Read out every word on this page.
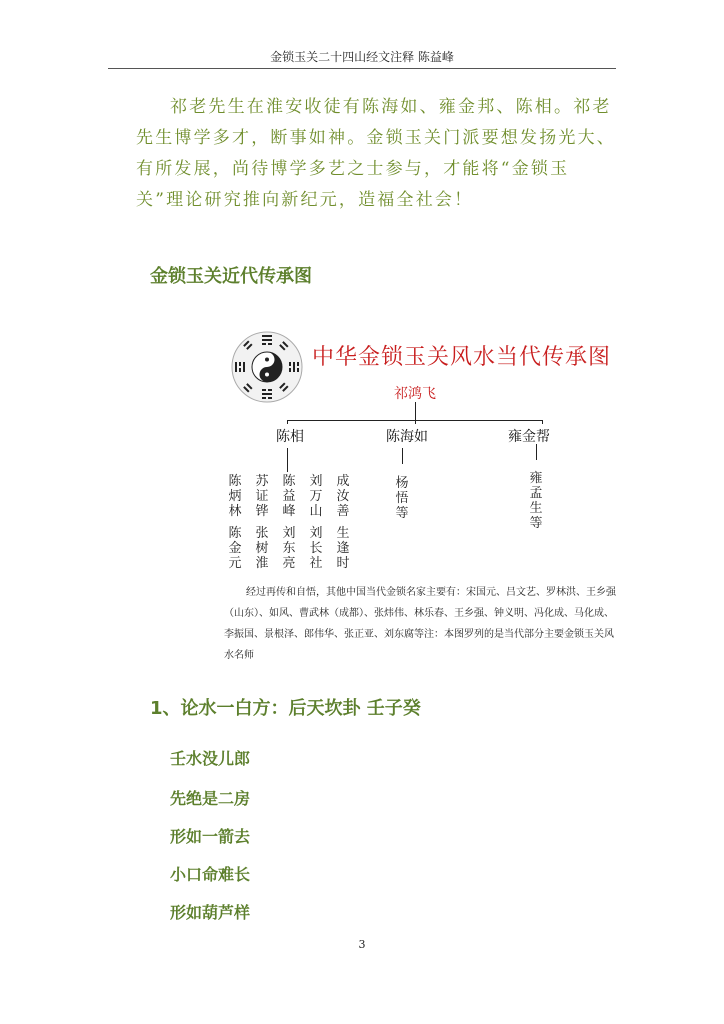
金锁玉关二十四山经文注释 陈益峰
祁老先生在淮安收徒有陈海如、雍金邦、陈相。祁老先生博学多才，断事如神。金锁玉关门派要想发扬光大、有所发展，尚待博学多艺之士参与，才能将“金锁玉关”理论研究推向新纪元，造福全社会！
金锁玉关近代传承图
中华金锁玉关风水当代传承图
祁鸿飞
陈相	陈海如	雍金帮
陈炳林
苏证铧
陈益峰
刘万山
成汝善
陈金元
张树淮
刘东亮
刘长社
生逢时
杨悟等
雍孟生等
经过再传和自悟，其他中国当代金锁名家主要有：宋国元、吕文艺、罗林洪、王乡强（山东）、如风、曹武林（成都）、张炜伟、林乐春、王乡强、钟义明、冯化成、马化成、李振国、景根泽、郎伟华、张正亚、刘东腐等注：本图罗列的是当代部分主要金锁玉关风水名师
1、论水一白方：后天坎卦 壬子癸
壬水没儿郎
先绝是二房
形如一箭去
小口命难长
形如葫芦样
3
